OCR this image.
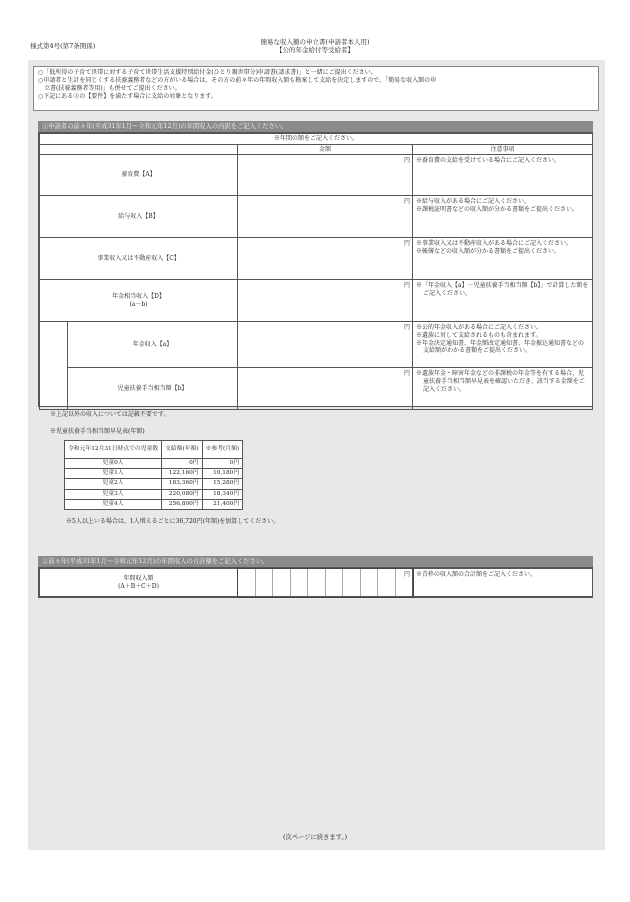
様式第4号(第7条関係)	簡易な収入額の申立書(申請者本人用)
【公的年金給付等受給者】
○「低所得の子育て世帯に対する子育て世帯生活支援特別給付金(ひとり親世帯分)申請書(請求書)」と一緒にご提出ください。
○申請者と生計を同じくする扶養義務者などの方がいる場合は、その方の前々年の年間収入額も勘案して支給を決定しますので、「簡易な収入額の申
　立書(扶養義務者等用)」も併せてご提出ください。
○下記にある③の【要件】を満たす場合に支給の対象となります。
①申請者の前々年(平成31年1月～令和元年12月)の年間収入の内訳をご記入ください。
※年間の額をご記入ください。			
		金額	注意事項
養育費【A】		円	※養育費の支給を受けている場合にご記入ください。

給与収入【B】		円	※給与収入がある場合にご記入ください。
※課税証明書などの収入額が分かる書類をご提出ください。

事業収入又は不動産収入【C】		円	※事業収入又は不動産収入がある場合にご記入ください。
※帳簿などの収入額が分かる書類をご提出ください。

年金相当収入【D】
(a－b)		円	※「年金収入【a】－児童扶養手当相当額【b】」で計算した額をご記入ください。

	年金収入【a】	円	※公的年金収入がある場合にご記入ください。
※遺族に対して支給されるものも含まれます。
※年金決定通知書、年金額改定通知書、年金振込通知書などの支給額がわかる書類をご提出ください。

	児童扶養手当相当額【b】	円	※遺族年金・障害年金などの非課税の年金等を有する場合、児童扶養手当相当額早見表を確認いただき、該当する金額をご記入ください。
※上記以外の収入については記載不要です。
※児童扶養手当相当額早見表(年額)
令和元年12月31日時点での児童数	支給額(年額)	※参考(月額)
児童0人	0円	0円
児童1人	122,160円	10,180円
児童2人	183,360円	15,280円
児童3人	220,080円	18,340円
児童4人	256,800円	21,400円
※5人以上いる場合は、1人増えるごとに36,720円(年額)を加算してください。
②前々年(平成31年1月～令和元年12月)の年間収入の合計額をご記入ください。
年間収入額
(A＋B＋C＋D)

円	※青枠の収入額の合計額をご記入ください。
(次ページに続きます。)
